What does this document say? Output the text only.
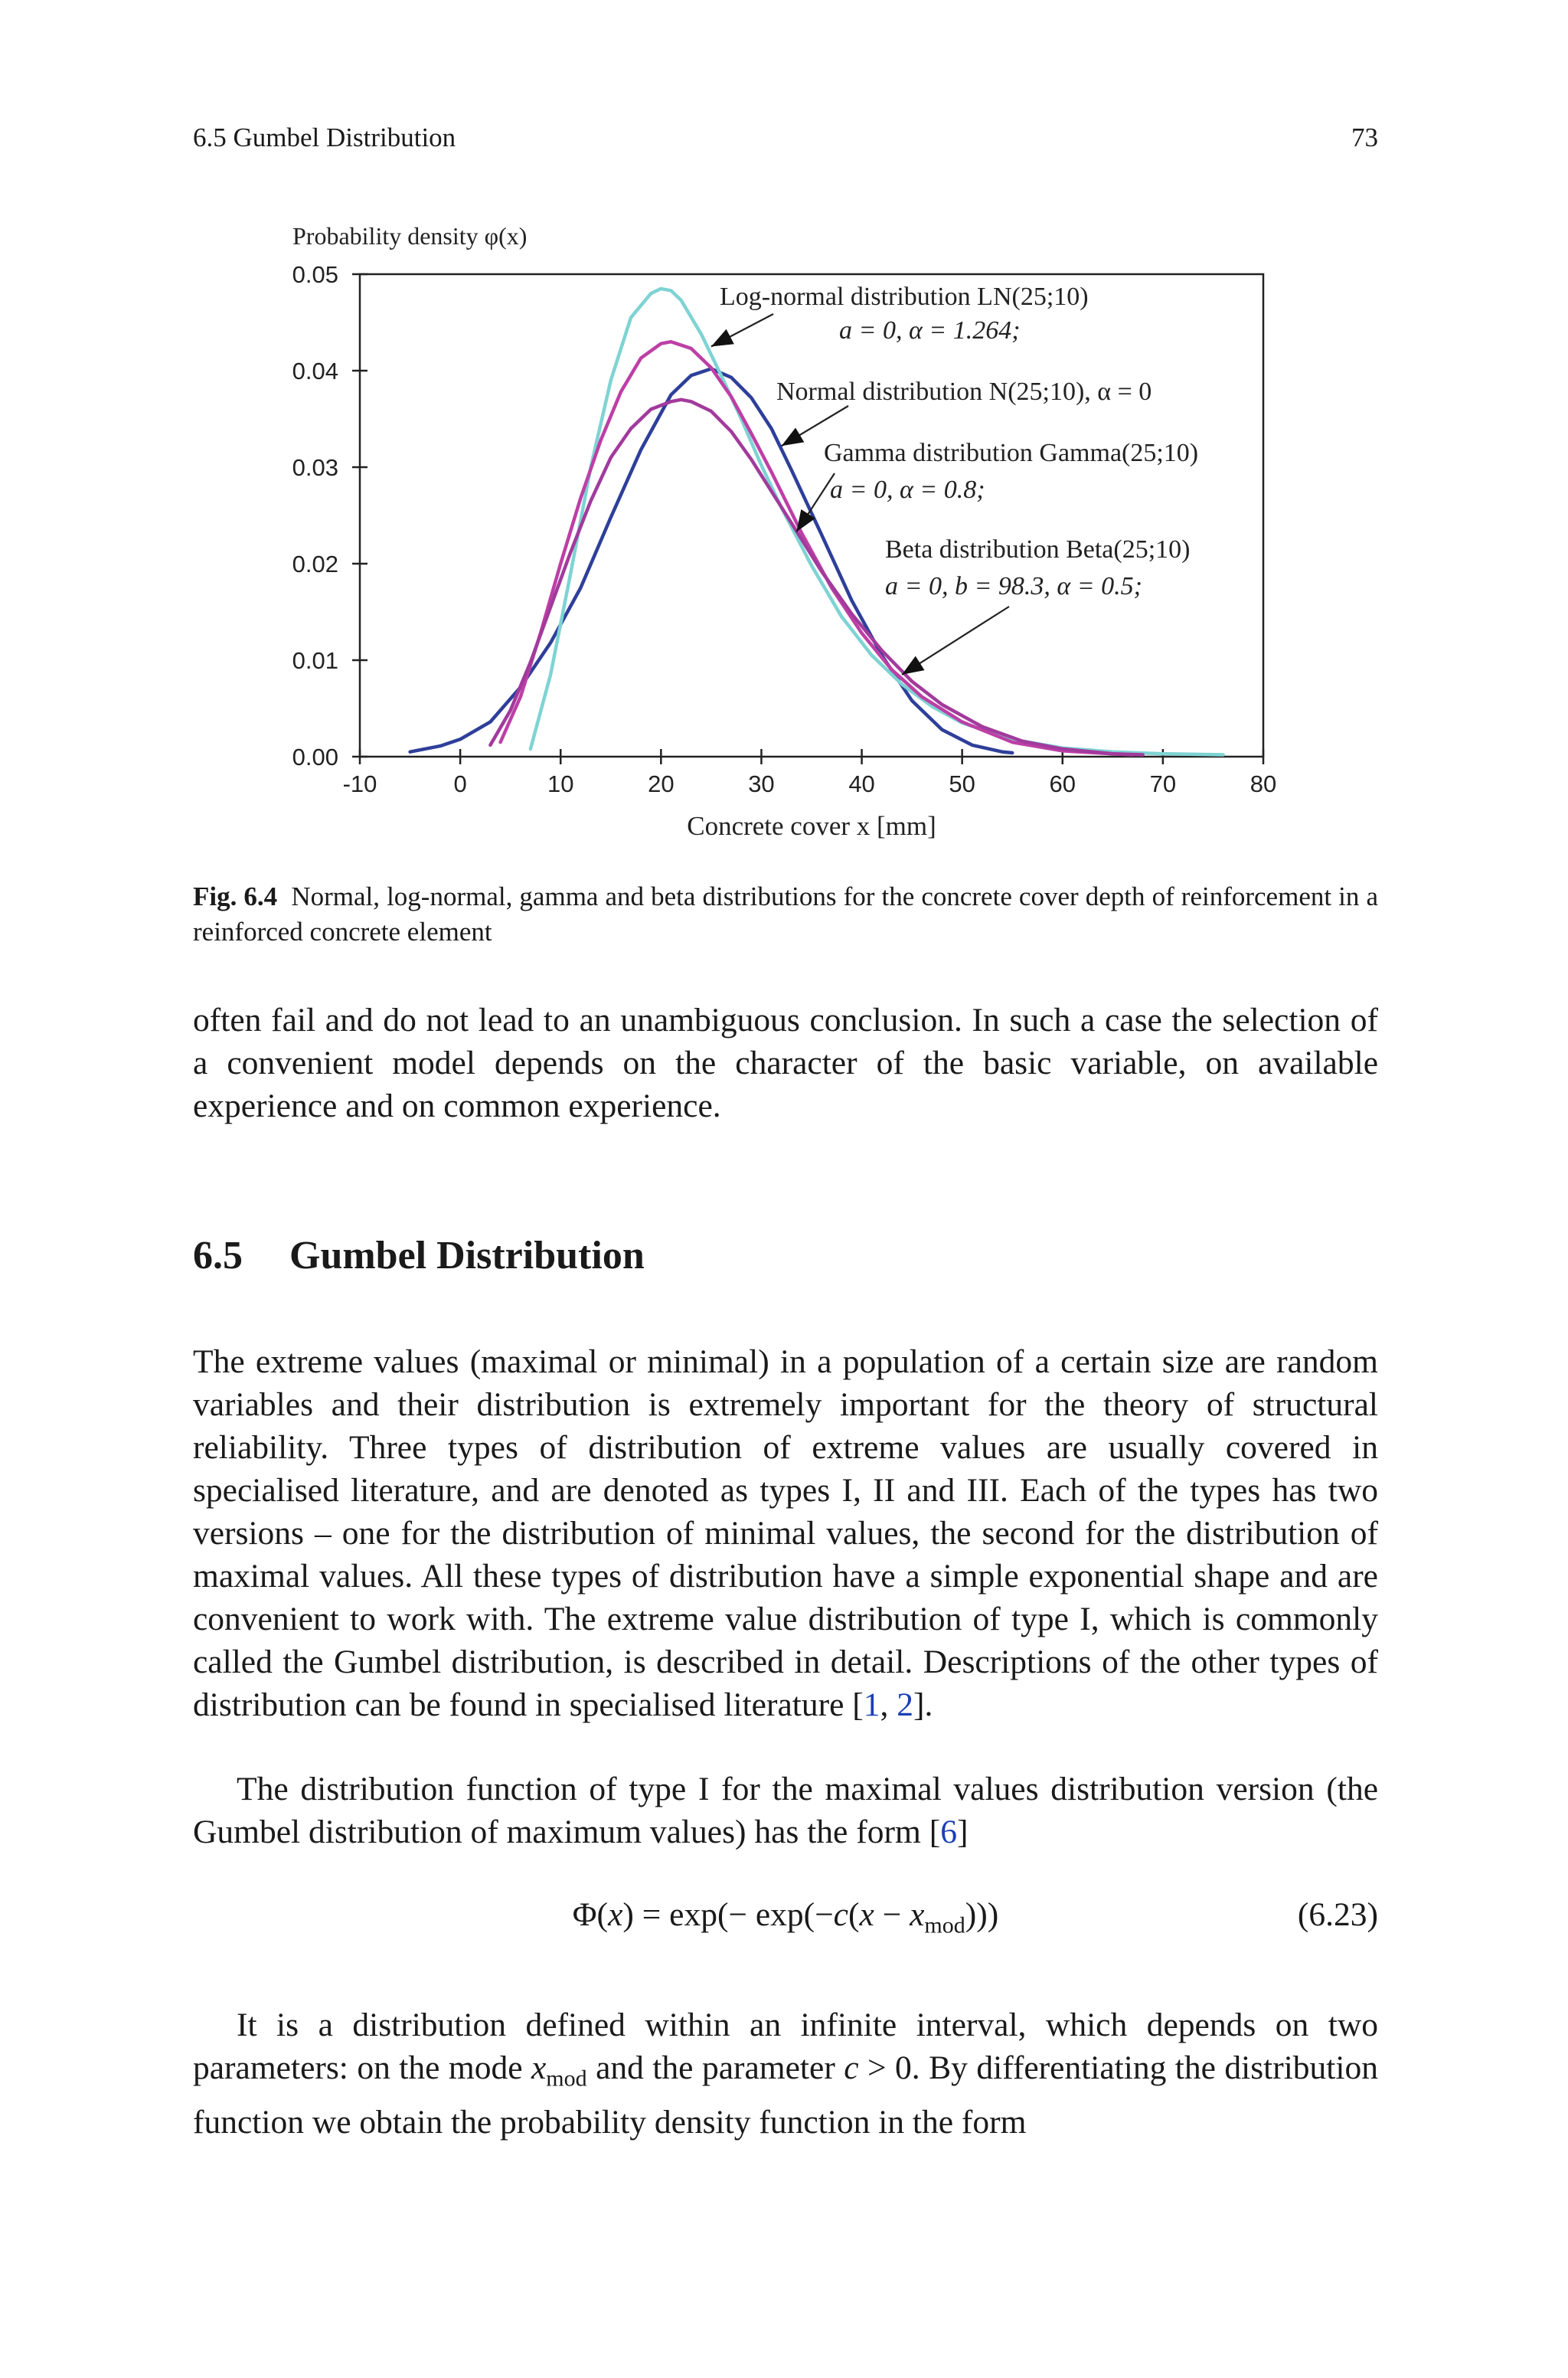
6.5 Gumbel Distribution	73
-10	0	10	20	30	40	50	60	70	80
0.00
0.01
0.02
0.03
0.04
0.05
Probability density φ(x)
Concrete cover x [mm]
Log-normal distribution LN(25;10)
a = 0, α = 1.264;
Normal distribution N(25;10), α = 0
Gamma distribution Gamma(25;10)
a = 0, α = 0.8;
Beta distribution Beta(25;10)
a = 0, b = 98.3, α = 0.5;
Fig. 6.4 Normal, log-normal, gamma and beta distributions for the concrete cover depth of reinforcement in a reinforced concrete element

often fail and do not lead to an unambiguous conclusion. In such a case the selection of a convenient model depends on the character of the basic variable, on available experience and on common experience.

6.5 Gumbel Distribution

The extreme values (maximal or minimal) in a population of a certain size are random variables and their distribution is extremely important for the theory of structural reliability. Three types of distribution of extreme values are usually covered in specialised literature, and are denoted as types I, II and III. Each of the types has two versions – one for the distribution of minimal values, the second for the distribution of maximal values. All these types of distribution have a simple exponential shape and are convenient to work with. The extreme value distribution of type I, which is commonly called the Gumbel distribution, is described in detail. Descriptions of the other types of distribution can be found in specialised literature [1, 2].

The distribution function of type I for the maximal values distribution version (the Gumbel distribution of maximum values) has the form [6]

$\Phi(x) = \exp(- \exp(-c(x - x_{mod})))$	(6.23)

It is a distribution defined within an infinite interval, which depends on two parameters: on the mode $x_{mod}$ and the parameter c > 0. By differentiating the distribution function we obtain the probability density function in the form
